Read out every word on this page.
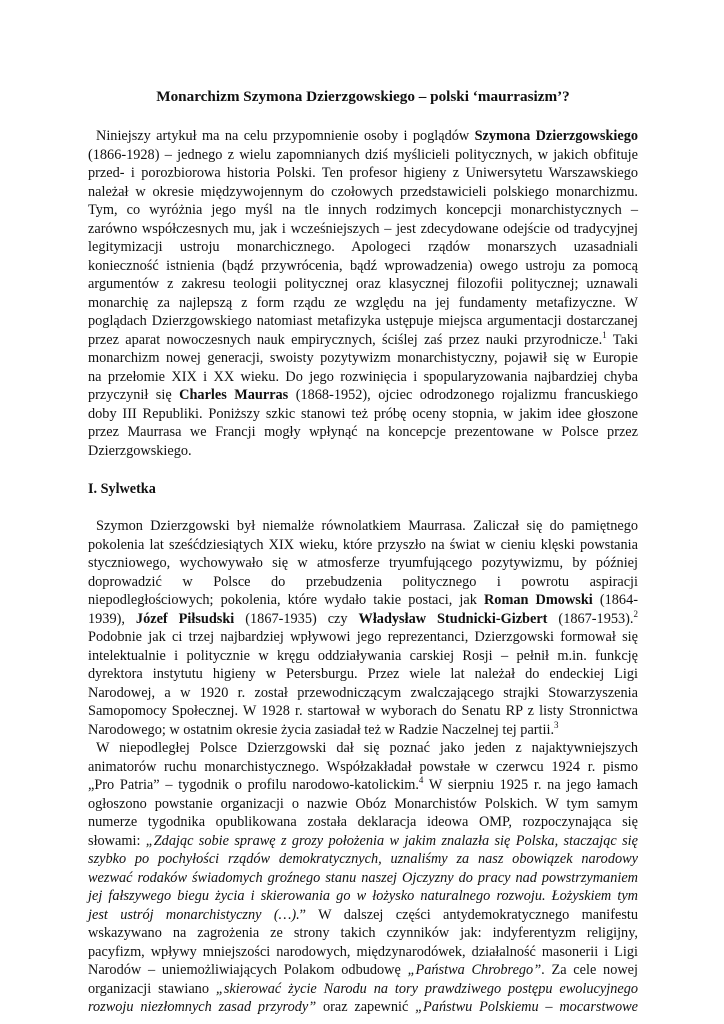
Monarchizm Szymona Dzierzgowskiego – polski ‘maurrasizm’?

Niniejszy artykuł ma na celu przypomnienie osoby i poglądów Szymona Dzierzgowskiego

(1866-1928) – jednego z wielu zapomnianych dziś myślicieli politycznych, w jakich obfituje

przed- i porozbiorowa historia Polski. Ten profesor higieny z Uniwersytetu Warszawskiego

należał w okresie międzywojennym do czołowych przedstawicieli polskiego monarchizmu.

Tym, co wyróżnia jego myśl na tle innych rodzimych koncepcji monarchistycznych –

zarówno współczesnych mu, jak i wcześniejszych – jest zdecydowane odejście od tradycyjnej

legitymizacji ustroju monarchicznego. Apologeci rządów monarszych uzasadniali

konieczność istnienia (bądź przywrócenia, bądź wprowadzenia) owego ustroju za pomocą

argumentów z zakresu teologii politycznej oraz klasycznej filozofii politycznej; uznawali

monarchię za najlepszą z form rządu ze względu na jej fundamenty metafizyczne. W

poglądach Dzierzgowskiego natomiast metafizyka ustępuje miejsca argumentacji dostarczanej

przez aparat nowoczesnych nauk empirycznych, ściślej zaś przez nauki przyrodnicze.$^1$ Taki

monarchizm nowej generacji, swoisty pozytywizm monarchistyczny, pojawił się w Europie

na przełomie XIX i XX wieku. Do jego rozwinięcia i spopularyzowania najbardziej chyba

przyczynił się Charles Maurras (1868-1952), ojciec odrodzonego rojalizmu francuskiego

doby III Republiki. Poniższy szkic stanowi też próbę oceny stopnia, w jakim idee głoszone

przez Maurrasa we Francji mogły wpłynąć na koncepcje prezentowane w Polsce przez

Dzierzgowskiego.

I. Sylwetka

Szymon Dzierzgowski był niemalże równolatkiem Maurrasa. Zaliczał się do pamiętnego

pokolenia lat sześćdziesiątych XIX wieku, które przyszło na świat w cieniu klęski powstania

styczniowego, wychowywało się w atmosferze tryumfującego pozytywizmu, by później

doprowadzić w Polsce do przebudzenia politycznego i powrotu aspiracji

niepodległościowych; pokolenia, które wydało takie postaci, jak Roman Dmowski (1864-

1939), Józef Piłsudski (1867-1935) czy Władysław Studnicki-Gizbert (1867-1953).$^2$

Podobnie jak ci trzej najbardziej wpływowi jego reprezentanci, Dzierzgowski formował się

intelektualnie i politycznie w kręgu oddziaływania carskiej Rosji – pełnił m.in. funkcję

dyrektora instytutu higieny w Petersburgu. Przez wiele lat należał do endeckiej Ligi

Narodowej, a w 1920 r. został przewodniczącym zwalczającego strajki Stowarzyszenia

Samopomocy Społecznej. W 1928 r. startował w wyborach do Senatu RP z listy Stronnictwa

Narodowego; w ostatnim okresie życia zasiadał też w Radzie Naczelnej tej partii.$^3$

W niepodległej Polsce Dzierzgowski dał się poznać jako jeden z najaktywniejszych

animatorów ruchu monarchistycznego. Współzakładał powstałe w czerwcu 1924 r. pismo

„Pro Patria” – tygodnik o profilu narodowo-katolickim.$^4$ W sierpniu 1925 r. na jego łamach

ogłoszono powstanie organizacji o nazwie Obóz Monarchistów Polskich. W tym samym

numerze tygodnika opublikowana została deklaracja ideowa OMP, rozpoczynająca się

słowami: „Zdając sobie sprawę z grozy położenia w jakim znalazła się Polska, staczając się

szybko po pochyłości rządów demokratycznych, uznaliśmy za nasz obowiązek narodowy

wezwać rodaków świadomych groźnego stanu naszej Ojczyzny do pracy nad powstrzymaniem

jej fałszywego biegu życia i skierowania go w łożysko naturalnego rozwoju. Łożyskiem tym

jest ustrój monarchistyczny (…).” W dalszej części antydemokratycznego manifestu

wskazywano na zagrożenia ze strony takich czynników jak: indyferentyzm religijny,

pacyfizm, wpływy mniejszości narodowych, międzynarodówek, działalność masonerii i Ligi

Narodów – uniemożliwiających Polakom odbudowę „Państwa Chrobrego”. Za cele nowej

organizacji stawiano „skierować życie Narodu na tory prawdziwego postępu ewolucyjnego

rozwoju niezłomnych zasad przyrody” oraz zapewnić „Państwu Polskiemu – mocarstwowe
